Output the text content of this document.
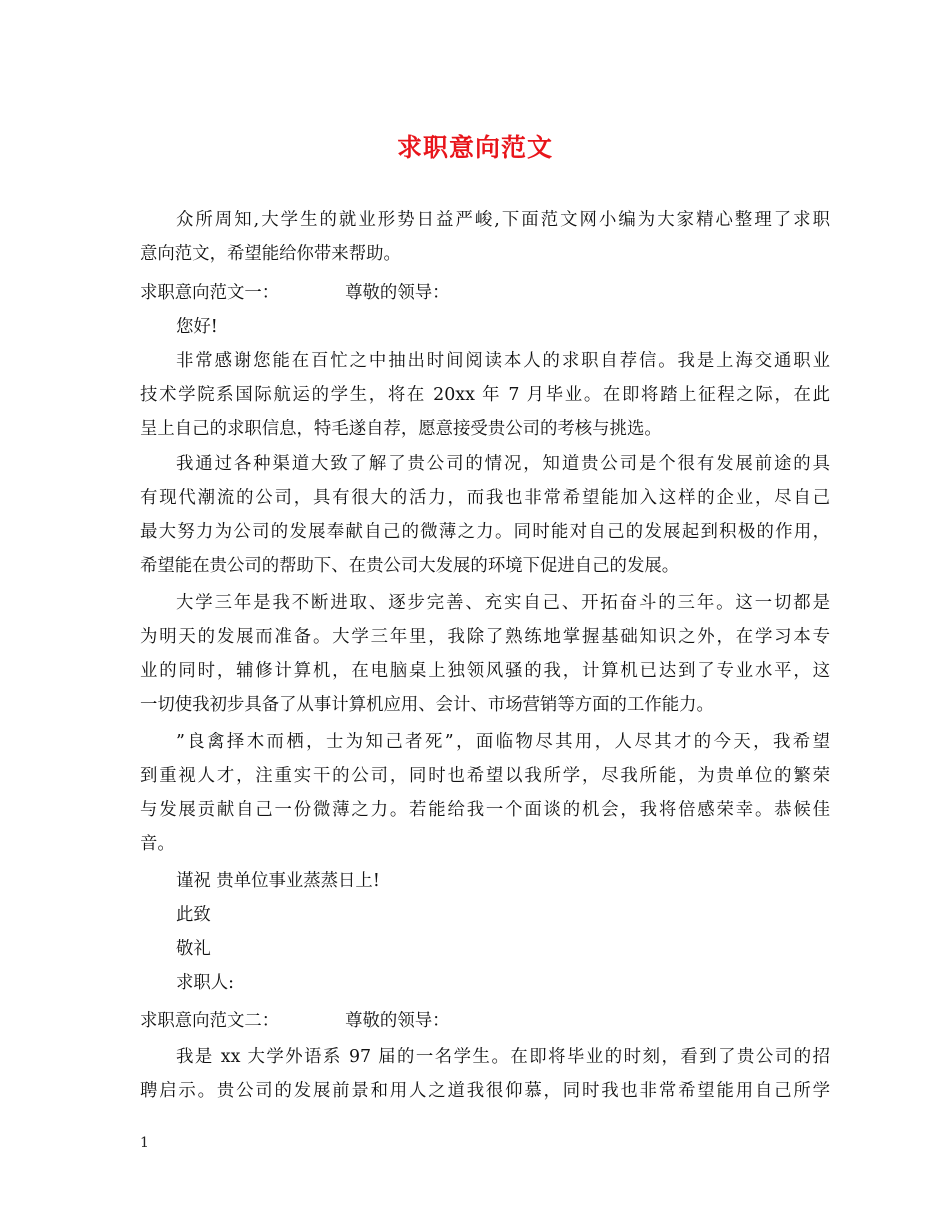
求职意向范文
众所周知,大学生的就业形势日益严峻,下面范文网小编为大家精心整理了求职
意向范文，希望能给你带来帮助。
求职意向范文一：	尊敬的领导：
您好!
非常感谢您能在百忙之中抽出时间阅读本人的求职自荐信。我是上海交通职业
技术学院系国际航运的学生，将在 20xx 年 7 月毕业。在即将踏上征程之际，在此
呈上自己的求职信息，特毛遂自荐，愿意接受贵公司的考核与挑选。
我通过各种渠道大致了解了贵公司的情况，知道贵公司是个很有发展前途的具
有现代潮流的公司，具有很大的活力，而我也非常希望能加入这样的企业，尽自己
最大努力为公司的发展奉献自己的微薄之力。同时能对自己的发展起到积极的作用，
希望能在贵公司的帮助下、在贵公司大发展的环境下促进自己的发展。
大学三年是我不断进取、逐步完善、充实自己、开拓奋斗的三年。这一切都是
为明天的发展而准备。大学三年里，我除了熟练地掌握基础知识之外，在学习本专
业的同时，辅修计算机，在电脑桌上独领风骚的我，计算机已达到了专业水平，这
一切使我初步具备了从事计算机应用、会计、市场营销等方面的工作能力。
”良禽择木而栖，士为知己者死”，面临物尽其用，人尽其才的今天，我希望
到重视人才，注重实干的公司，同时也希望以我所学，尽我所能，为贵单位的繁荣
与发展贡献自己一份微薄之力。若能给我一个面谈的机会，我将倍感荣幸。恭候佳
音。
谨祝 贵单位事业蒸蒸日上!
此致
敬礼
求职人:
求职意向范文二：	尊敬的领导：
我是 xx 大学外语系 97 届的一名学生。在即将毕业的时刻，看到了贵公司的招
聘启示。贵公司的发展前景和用人之道我很仰慕，同时我也非常希望能用自己所学
1
